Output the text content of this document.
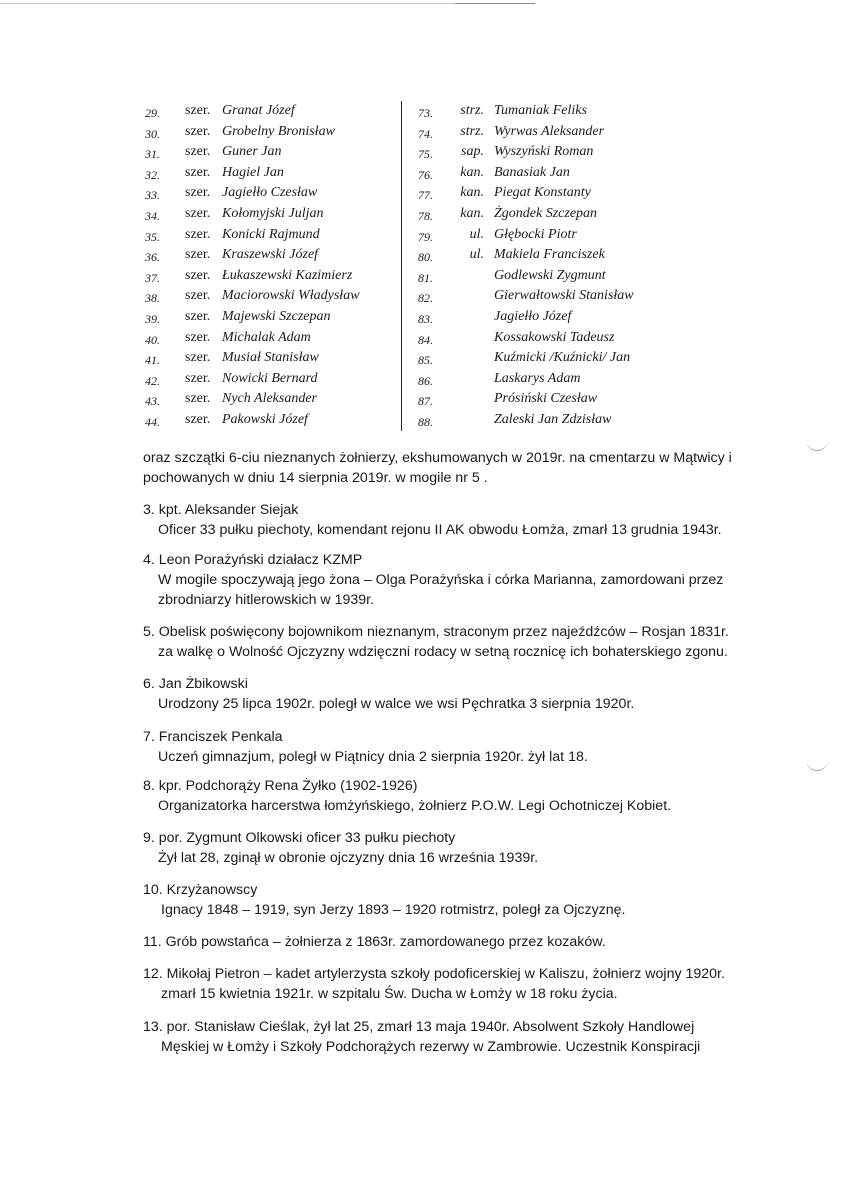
29. szer. Granat Józef
30. szer. Grobelny Bronisław
31. szer. Guner Jan
32. szer. Hagiel Jan
33. szer. Jagiełło Czesław
34. szer. Kołomyjski Juljan
35. szer. Konicki Rajmund
36. szer. Kraszewski Józef
37. szer. Łukaszewski Kazimierz
38. szer. Maciorowski Władysław
39. szer. Majewski Szczepan
40. szer. Michalak Adam
41. szer. Musiał Stanisław
42. szer. Nowicki Bernard
43. szer. Nych Aleksander
44. szer. Pakowski Józef
73.	strz. Tumaniak Feliks
74.	strz. Wyrwas Aleksander
75.	sap. Wyszyński Roman
76.	kan. Banasiak Jan
77.	kan. Piegat Konstanty
78.	kan. Żgondek Szczepan
79.	ul. Głębocki Piotr
80.	ul. Makiela Franciszek
81.	Godlewski Zygmunt
82.	Gierwałtowski Stanisław
83.	Jagiełło Józef
84.	Kossakowski Tadeusz
85.	Kuźmicki /Kuźnicki/ Jan
86.	Laskarys Adam
87.	Prósiński Czesław
88.	Zaleski Jan Zdzisław
oraz szczątki 6-ciu nieznanych żołnierzy, ekshumowanych w 2019r. na cmentarzu w Mątwicy i pochowanych w dniu 14 sierpnia 2019r. w mogile nr 5 .
3. kpt. Aleksander Siejak
Oficer 33 pułku piechoty, komendant rejonu II AK obwodu Łomża, zmarł 13 grudnia 1943r.
4. Leon Porażyński działacz KZMP
W mogile spoczywają jego żona – Olga Porażyńska i córka Marianna, zamordowani przez zbrodniarzy hitlerowskich w 1939r.
5. Obelisk poświęcony bojownikom nieznanym, straconym przez najeźdźców – Rosjan 1831r.
za walkę o Wolność Ojczyzny wdzięczni rodacy w setną rocznicę ich bohaterskiego zgonu.
6. Jan Żbikowski
Urodzony 25 lipca 1902r. poległ w walce we wsi Pęchratka 3 sierpnia 1920r.
7. Franciszek Penkala
Uczeń gimnazjum, poległ w Piątnicy dnia 2 sierpnia 1920r. żył lat 18.
8. kpr. Podchorąży Rena Żyłko (1902-1926)
Organizatorka harcerstwa łomżyńskiego, żołnierz P.O.W. Legi Ochotniczej Kobiet.
9. por. Zygmunt Olkowski oficer 33 pułku piechoty
Żył lat 28, zginął w obronie ojczyzny dnia 16 września 1939r.
10. Krzyżanowscy
Ignacy 1848 – 1919, syn Jerzy 1893 – 1920 rotmistrz, poległ za Ojczyznę.
11. Grób powstańca – żołnierza z 1863r. zamordowanego przez kozaków.
12. Mikołaj Pietron – kadet artylerzysta szkoły podoficerskiej w Kaliszu, żołnierz wojny 1920r.
zmarł 15 kwietnia 1921r. w szpitalu Św. Ducha w Łomży w 18 roku życia.
13. por. Stanisław Cieślak, żył lat 25, zmarł 13 maja 1940r. Absolwent Szkoły Handlowej
Męskiej w Łomży i Szkoły Podchorążych rezerwy w Zambrowie. Uczestnik Konspiracji
